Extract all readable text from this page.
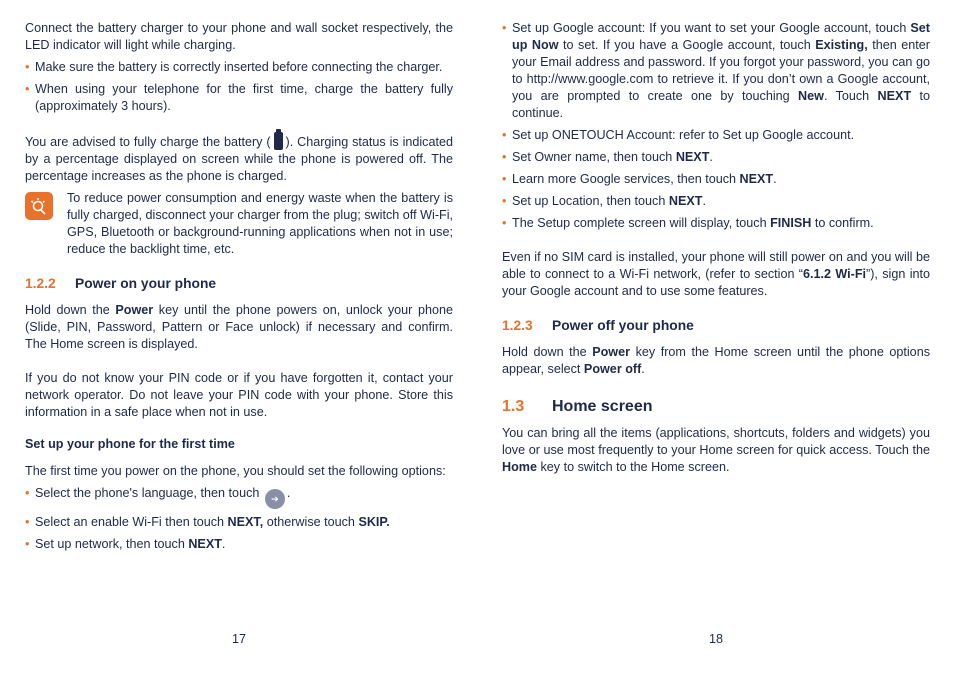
Connect the battery charger to your phone and wall socket respectively, the LED indicator will light while charging.

• Make sure the battery is correctly inserted before connecting the charger.

• When using your telephone for the first time, charge the battery fully (approximately 3 hours).

You are advised to fully charge the battery ( ). Charging status is indicated by a percentage displayed on screen while the phone is powered off. The percentage increases as the phone is charged.

To reduce power consumption and energy waste when the battery is fully charged, disconnect your charger from the plug; switch off Wi-Fi, GPS, Bluetooth or background-running applications when not in use; reduce the backlight time, etc.

1.2.2 Power on your phone

Hold down the Power key until the phone powers on, unlock your phone (Slide, PIN, Password, Pattern or Face unlock) if necessary and confirm. The Home screen is displayed.

If you do not know your PIN code or if you have forgotten it, contact your network operator. Do not leave your PIN code with your phone. Store this information in a safe place when not in use.

Set up your phone for the first time

The first time you power on the phone, you should set the following options:

• Select the phone's language, then touch ➔ .

• Select an enable Wi-Fi then touch NEXT, otherwise touch SKIP.

• Set up network, then touch NEXT.

• Set up Google account: If you want to set your Google account, touch Set up Now to set. If you have a Google account, touch Existing, then enter your Email address and password. If you forgot your password, you can go to http://www.google.com to retrieve it. If you don’t own a Google account, you are prompted to create one by touching New. Touch NEXT to continue.

• Set up ONETOUCH Account: refer to Set up Google account.

• Set Owner name, then touch NEXT.

• Learn more Google services, then touch NEXT.

• Set up Location, then touch NEXT.

• The Setup complete screen will display, touch FINISH to confirm.

Even if no SIM card is installed, your phone will still power on and you will be able to connect to a Wi-Fi network, (refer to section “6.1.2 Wi-Fi”), sign into your Google account and to use some features.

1.2.3 Power off your phone

Hold down the Power key from the Home screen until the phone options appear, select Power off.

1.3 Home screen

You can bring all the items (applications, shortcuts, folders and widgets) you love or use most frequently to your Home screen for quick access. Touch the Home key to switch to the Home screen.

17	18
